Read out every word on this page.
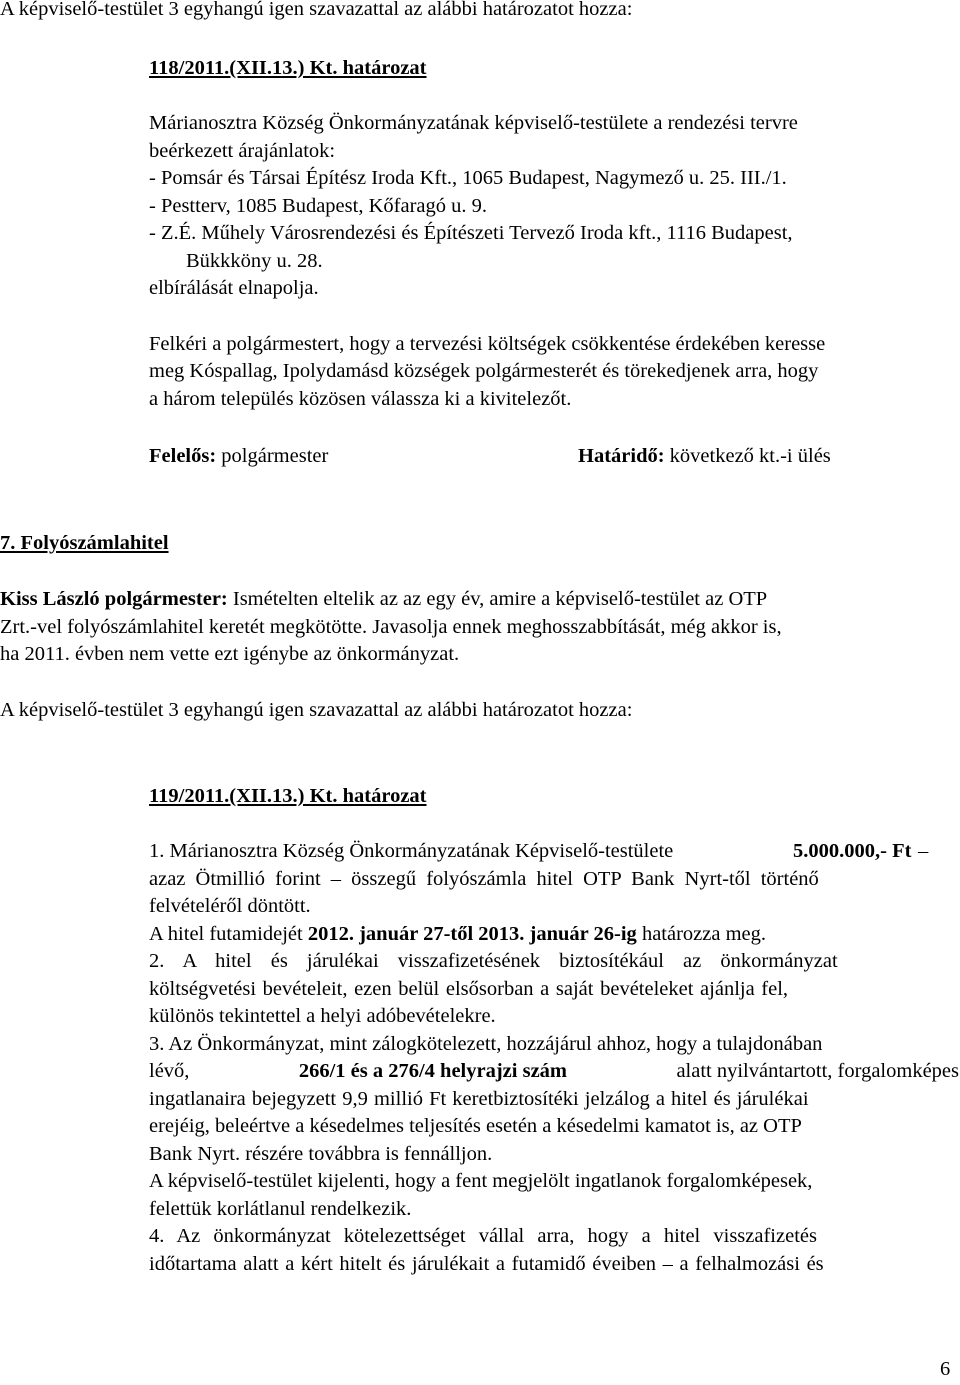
A képviselő-testület 3 egyhangú igen szavazattal az alábbi határozatot hozza:
118/2011.(XII.13.) Kt. határozat
Márianosztra Község Önkormányzatának képviselő-testülete a rendezési tervre
beérkezett árajánlatok:
- Pomsár és Társai Építész Iroda Kft., 1065 Budapest, Nagymező u. 25. III./1.
- Pestterv, 1085 Budapest, Kőfaragó u. 9.
- Z.É. Műhely Városrendezési és Építészeti Tervező Iroda kft., 1116 Budapest,
Bükkköny u. 28.
elbírálását elnapolja.
Felkéri a polgármestert, hogy a tervezési költségek csökkentése érdekében keresse
meg Kóspallag, Ipolydamásd községek polgármesterét és törekedjenek arra, hogy
a három település közösen válassza ki a kivitelezőt.
Felelős: polgármester	Határidő: következő kt.-i ülés
7. Folyószámlahitel
Kiss László polgármester: Ismételten eltelik az az egy év, amire a képviselő-testület az OTP
Zrt.-vel folyószámlahitel keretét megkötötte. Javasolja ennek meghosszabbítását, még akkor is,
ha 2011. évben nem vette ezt igénybe az önkormányzat.
A képviselő-testület 3 egyhangú igen szavazattal az alábbi határozatot hozza:
119/2011.(XII.13.) Kt. határozat
1. Márianosztra Község Önkormányzatának Képviselő-testülete	5.000.000,- Ft –
azaz Ötmillió forint – összegű folyószámla hitel OTP Bank Nyrt-től történő
felvételéről döntött.
A hitel futamidejét 2012. január 27-től 2013. január 26-ig határozza meg.
2. A hitel és járulékai visszafizetésének biztosítékául az önkormányzat
költségvetési bevételeit, ezen belül elsősorban a saját bevételeket ajánlja fel,
különös tekintettel a helyi adóbevételekre.
3. Az Önkormányzat, mint zálogkötelezett, hozzájárul ahhoz, hogy a tulajdonában
lévő,	266/1 és a 276/4 helyrajzi szám	alatt nyilvántartott, forgalomképes
ingatlanaira bejegyzett 9,9 millió Ft keretbiztosítéki jelzálog a hitel és járulékai
erejéig, beleértve a késedelmes teljesítés esetén a késedelmi kamatot is, az OTP
Bank Nyrt. részére továbbra is fennálljon.
A képviselő-testület kijelenti, hogy a fent megjelölt ingatlanok forgalomképesek,
felettük korlátlanul rendelkezik.
4. Az önkormányzat kötelezettséget vállal arra, hogy a hitel visszafizetés
időtartama alatt a kért hitelt és járulékait a futamidő éveiben – a felhalmozási és
6
